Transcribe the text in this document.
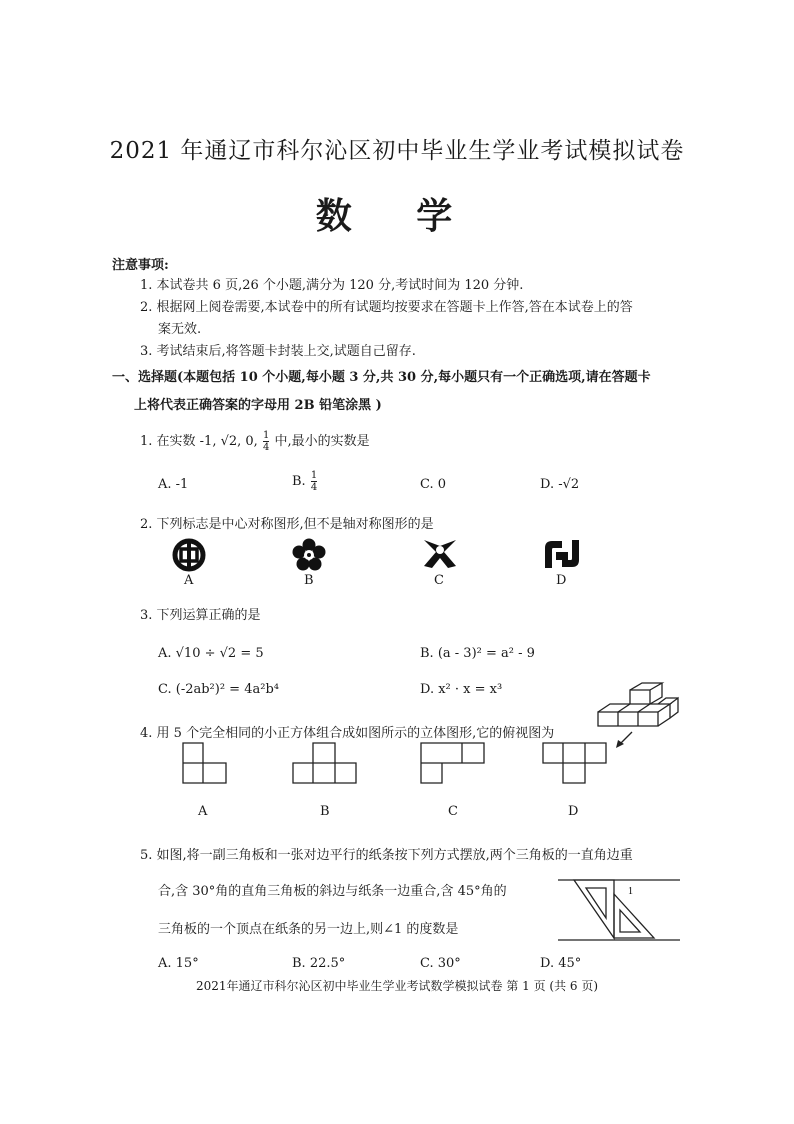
2021 年通辽市科尔沁区初中毕业生学业考试模拟试卷
数 学
注意事项:
1. 本试卷共 6 页,26 个小题,满分为 120 分,考试时间为 120 分钟.
2. 根据网上阅卷需要,本试卷中的所有试题均按要求在答题卡上作答,答在本试卷上的答
案无效.
3. 考试结束后,将答题卡封装上交,试题自己留存.
一、选择题(本题包括 10 个小题,每小题 3 分,共 30 分,每小题只有一个正确选项,请在答题卡
上将代表正确答案的字母用 2B 铅笔涂黑 )
1. 在实数 -1, √2, 0, $\frac{1}{4}$ 中,最小的实数是
A. -1	B. $\frac{1}{4}$	C. 0	D. -√2
2. 下列标志是中心对称图形,但不是轴对称图形的是
A	B	C	D
3. 下列运算正确的是
A. √10 ÷ √2 = 5	B. (a - 3)² = a² - 9
C. (-2ab²)² = 4a²b⁴	D. x² · x = x³
4. 用 5 个完全相同的小正方体组合成如图所示的立体图形,它的俯视图为
A	B	C	D
5. 如图,将一副三角板和一张对边平行的纸条按下列方式摆放,两个三角板的一直角边重
合,含 30°角的直角三角板的斜边与纸条一边重合,含 45°角的
三角板的一个顶点在纸条的另一边上,则∠1 的度数是
1
A. 15°	B. 22.5°	C. 30°	D. 45°
2021年通辽市科尔沁区初中毕业生学业考试数学模拟试卷 第 1 页 (共 6 页)
